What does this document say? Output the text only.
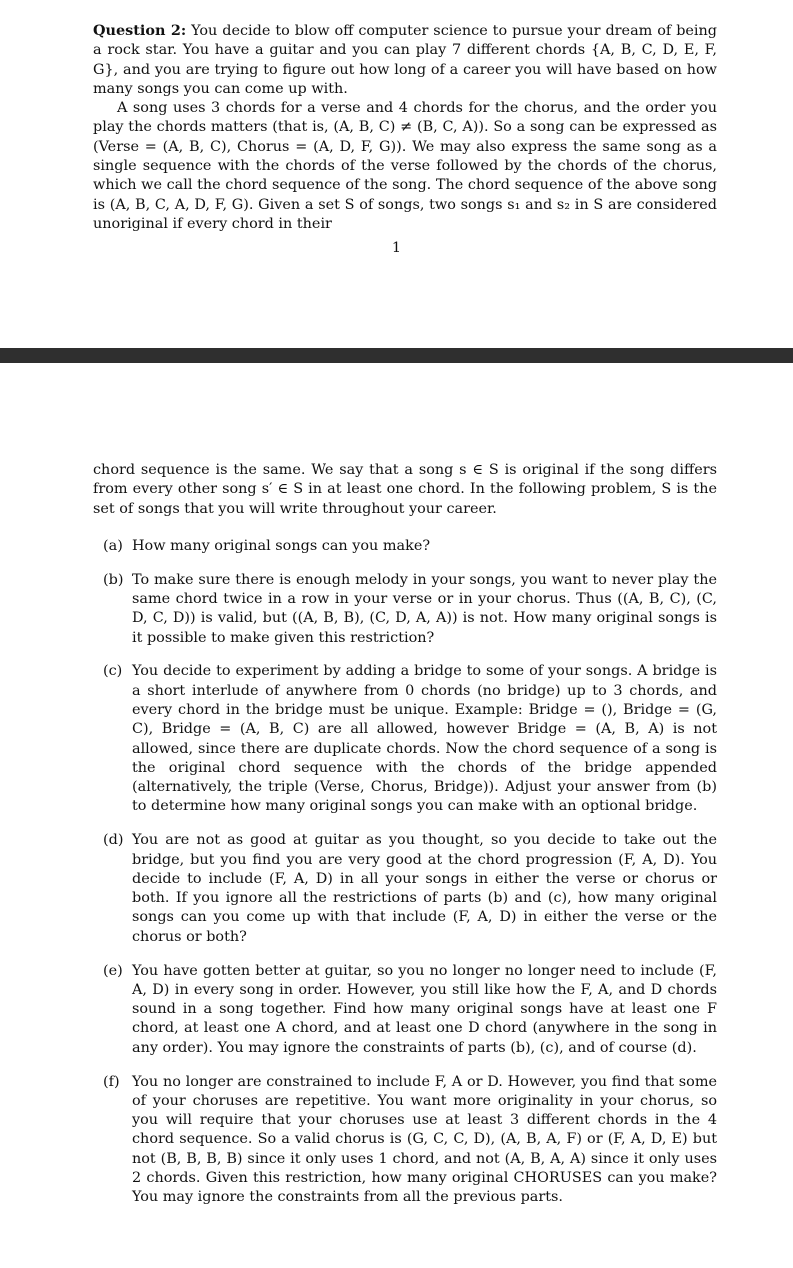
Question 2: You decide to blow off computer science to pursue your dream of being a rock star. You have a guitar and you can play 7 different chords {A, B, C, D, E, F, G}, and you are trying to figure out how long of a career you will have based on how many songs you can come up with.

A song uses 3 chords for a verse and 4 chords for the chorus, and the order you play the chords matters (that is, (A, B, C) ≠ (B, C, A)). So a song can be expressed as (Verse = (A, B, C), Chorus = (A, D, F, G)). We may also express the same song as a single sequence with the chords of the verse followed by the chords of the chorus, which we call the chord sequence of the song. The chord sequence of the above song is (A, B, C, A, D, F, G). Given a set S of songs, two songs s₁ and s₂ in S are considered unoriginal if every chord in their

1

chord sequence is the same. We say that a song s ∈ S is original if the song differs from every other song s′ ∈ S in at least one chord. In the following problem, S is the set of songs that you will write throughout your career.

(a) How many original songs can you make?
(b) To make sure there is enough melody in your songs, you want to never play the same chord twice in a row in your verse or in your chorus. Thus ((A, B, C), (C, D, C, D)) is valid, but ((A, B, B), (C, D, A, A)) is not. How many original songs is it possible to make given this restriction?
(c) You decide to experiment by adding a bridge to some of your songs. A bridge is a short interlude of anywhere from 0 chords (no bridge) up to 3 chords, and every chord in the bridge must be unique. Example: Bridge = (), Bridge = (G, C), Bridge = (A, B, C) are all allowed, however Bridge = (A, B, A) is not allowed, since there are duplicate chords. Now the chord sequence of a song is the original chord sequence with the chords of the bridge appended (alternatively, the triple (Verse, Chorus, Bridge)). Adjust your answer from (b) to determine how many original songs you can make with an optional bridge.
(d) You are not as good at guitar as you thought, so you decide to take out the bridge, but you find you are very good at the chord progression (F, A, D). You decide to include (F, A, D) in all your songs in either the verse or chorus or both. If you ignore all the restrictions of parts (b) and (c), how many original songs can you come up with that include (F, A, D) in either the verse or the chorus or both?
(e) You have gotten better at guitar, so you no longer no longer need to include (F, A, D) in every song in order. However, you still like how the F, A, and D chords sound in a song together. Find how many original songs have at least one F chord, at least one A chord, and at least one D chord (anywhere in the song in any order). You may ignore the constraints of parts (b), (c), and of course (d).
(f) You no longer are constrained to include F, A or D. However, you find that some of your choruses are repetitive. You want more originality in your chorus, so you will require that your choruses use at least 3 different chords in the 4 chord sequence. So a valid chorus is (G, C, C, D), (A, B, A, F) or (F, A, D, E) but not (B, B, B, B) since it only uses 1 chord, and not (A, B, A, A) since it only uses 2 chords. Given this restriction, how many original CHORUSES can you make? You may ignore the constraints from all the previous parts.
